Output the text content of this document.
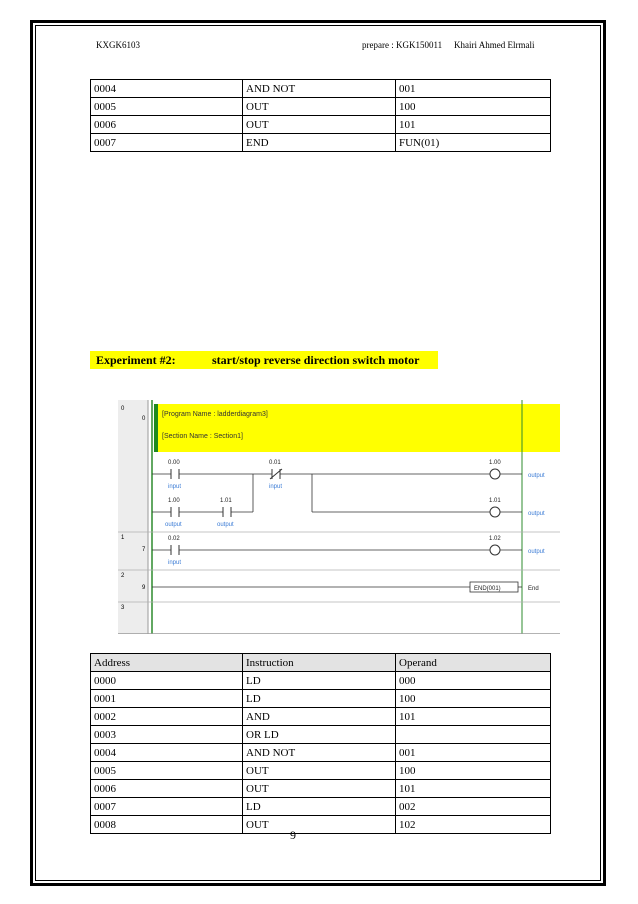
KXGK6103	prepare : KGK150011 Khairi Ahmed Elrmali
0004	AND NOT	001
0005	OUT	100
0006	OUT	101
0007	END	FUN(01)
Experiment #2:	start/stop reverse direction switch motor
[Program Name : ladderdiagram3]
[Section Name : Section1]
0
1
2
3
0
7
9
0.00
input
0.01
input
1.00
output
1.01
output
0.02
input
1.00
output
1.01
output
1.02
output
END(001)	End
Address	Instruction	Operand
0000	LD	000
0001	LD	100
0002	AND	101
0003	OR LD	
0004	AND NOT	001
0005	OUT	100
0006	OUT	101
0007	LD	002
0008	OUT	102
9
